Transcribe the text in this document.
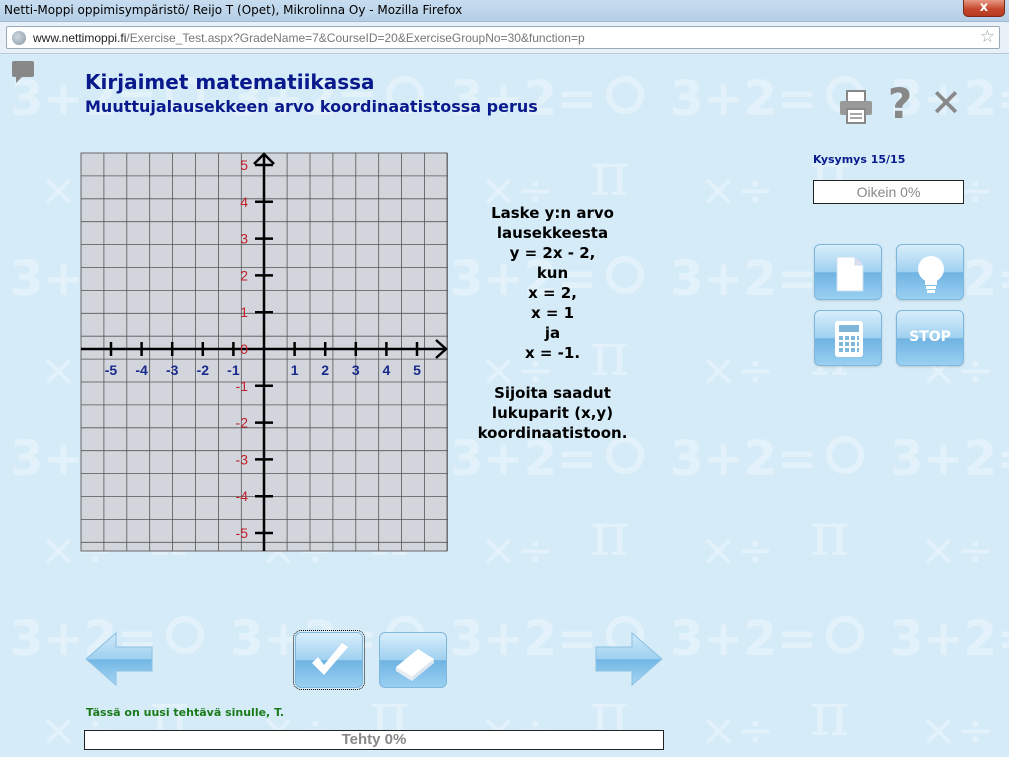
Netti-Moppi oppimisympäristö/ Reijo T (Opet), Mikrolinna Oy - Mozilla Firefox	x
www.nettimoppi.fi/Exercise_Test.aspx?GradeName=7&CourseID=20&ExerciseGroupNo=30&function=p	☆
Kirjaimet matematiikassa
Muuttujalausekkeen arvo koordinaatistossa perus	? ✕
Kysymys 15/15
Oikein 0%
STOP
-5 -4 -3 -2 -1	1 2 3 4 5
5
4
3
2
1
0
-1
-2
-3
-4
-5
Laske y:n arvo
lausekkeesta
y = 2x - 2,
kun
x = 2,
x = 1
ja
x = -1.
Sijoita saadut
lukuparit (x,y)
koordinaatistoon.
Tässä on uusi tehtävä sinulle, T.
Tehty 0%
